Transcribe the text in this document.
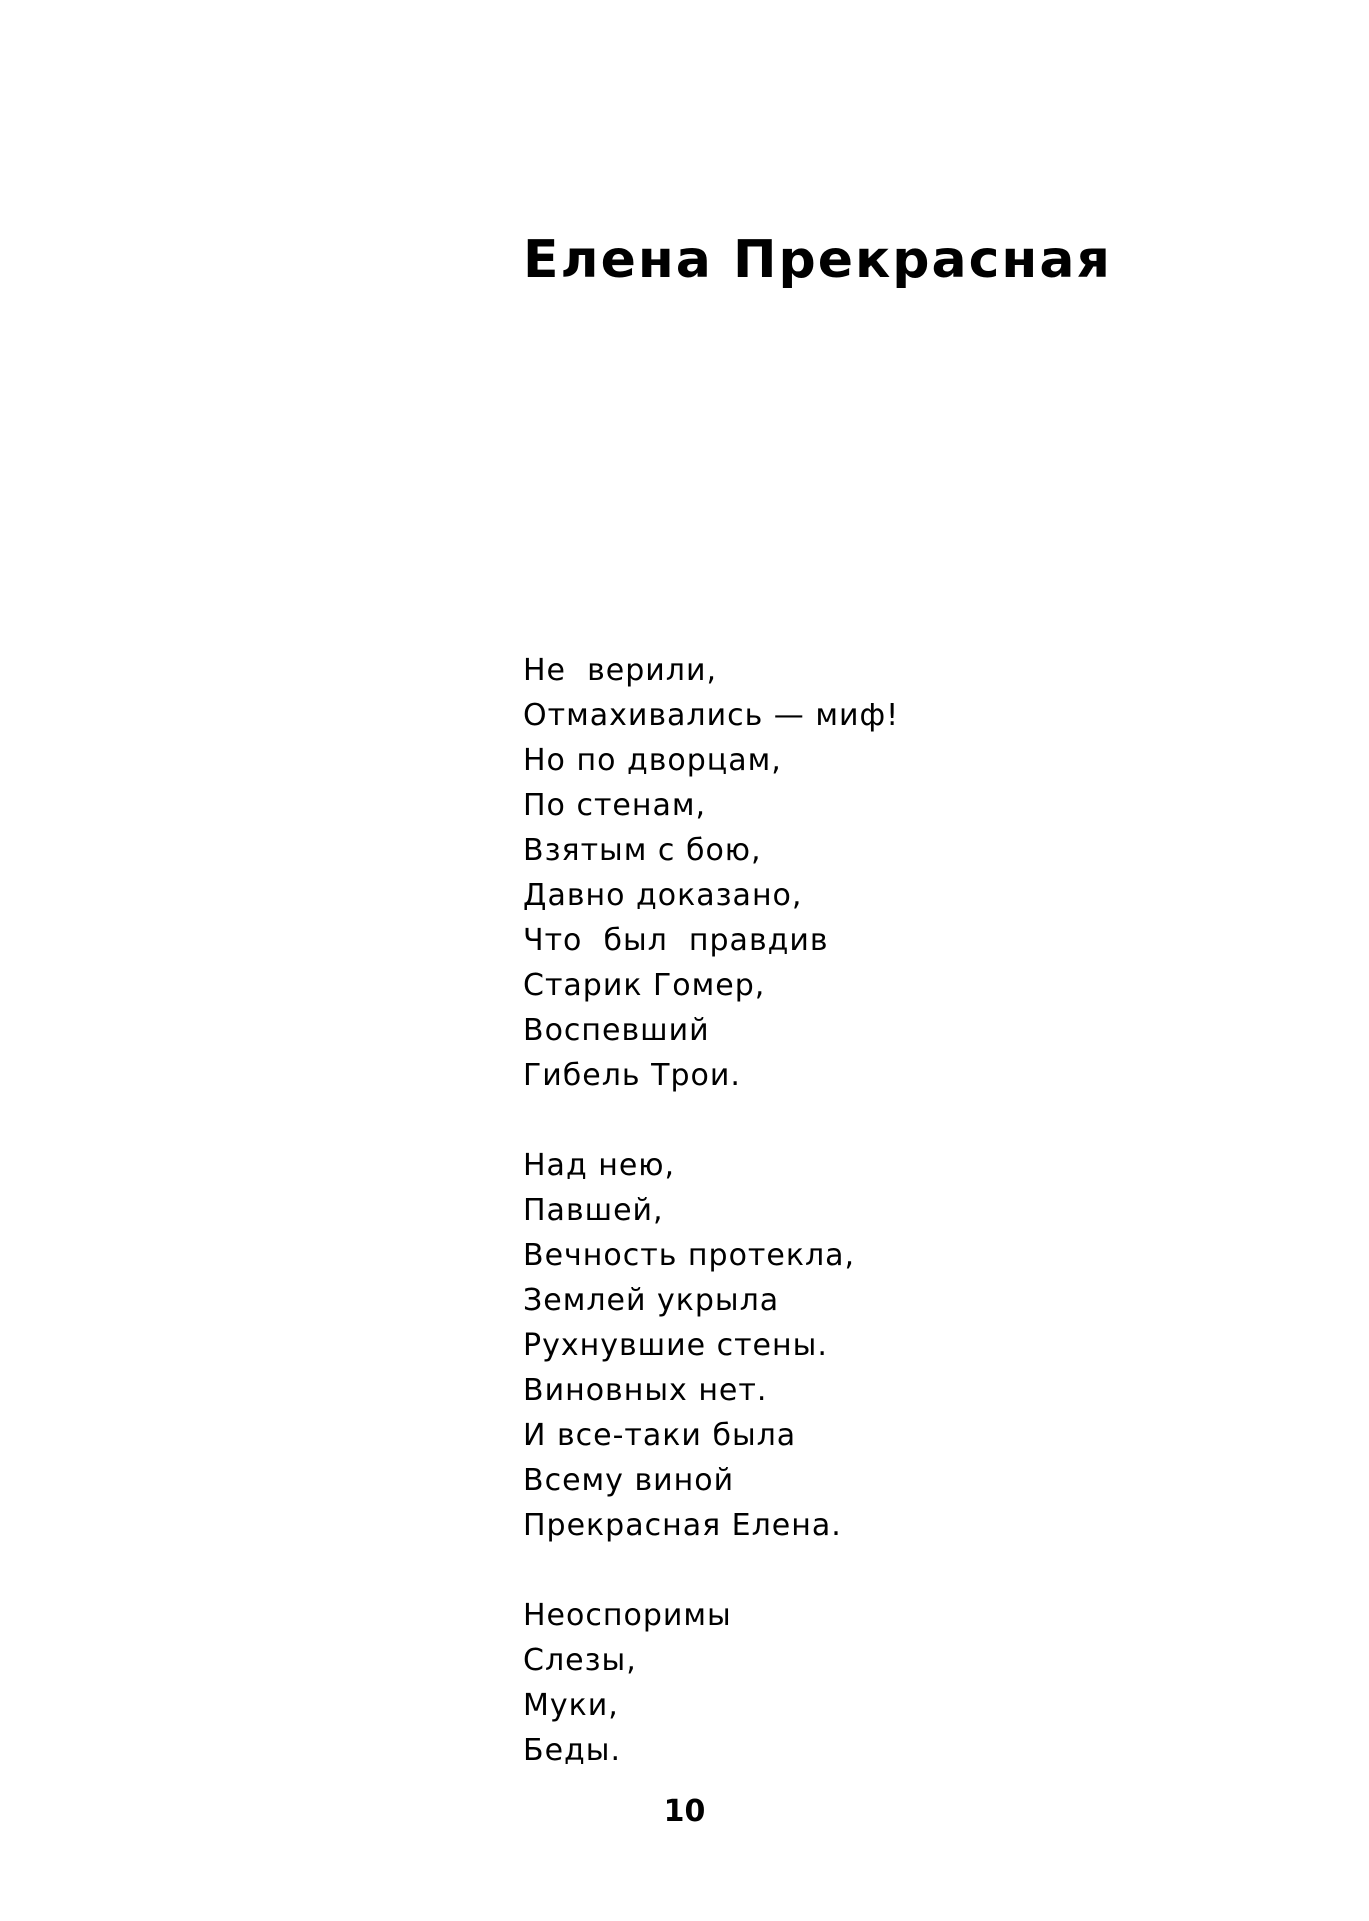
Елена Прекрасная
Не  верили,
Отмахивались — миф!
Но по дворцам,
По стенам,
Взятым с бою,
Давно доказано,
Что  был  правдив
Старик Гомер,
Воспевший
Гибель Трои.
Над нею,
Павшей,
Вечность протекла,
Землей укрыла
Рухнувшие стены.
Виновных нет.
И все-таки была
Всему виной
Прекрасная Елена.
Неоспоримы
Слезы,
Муки,
Беды.
10
